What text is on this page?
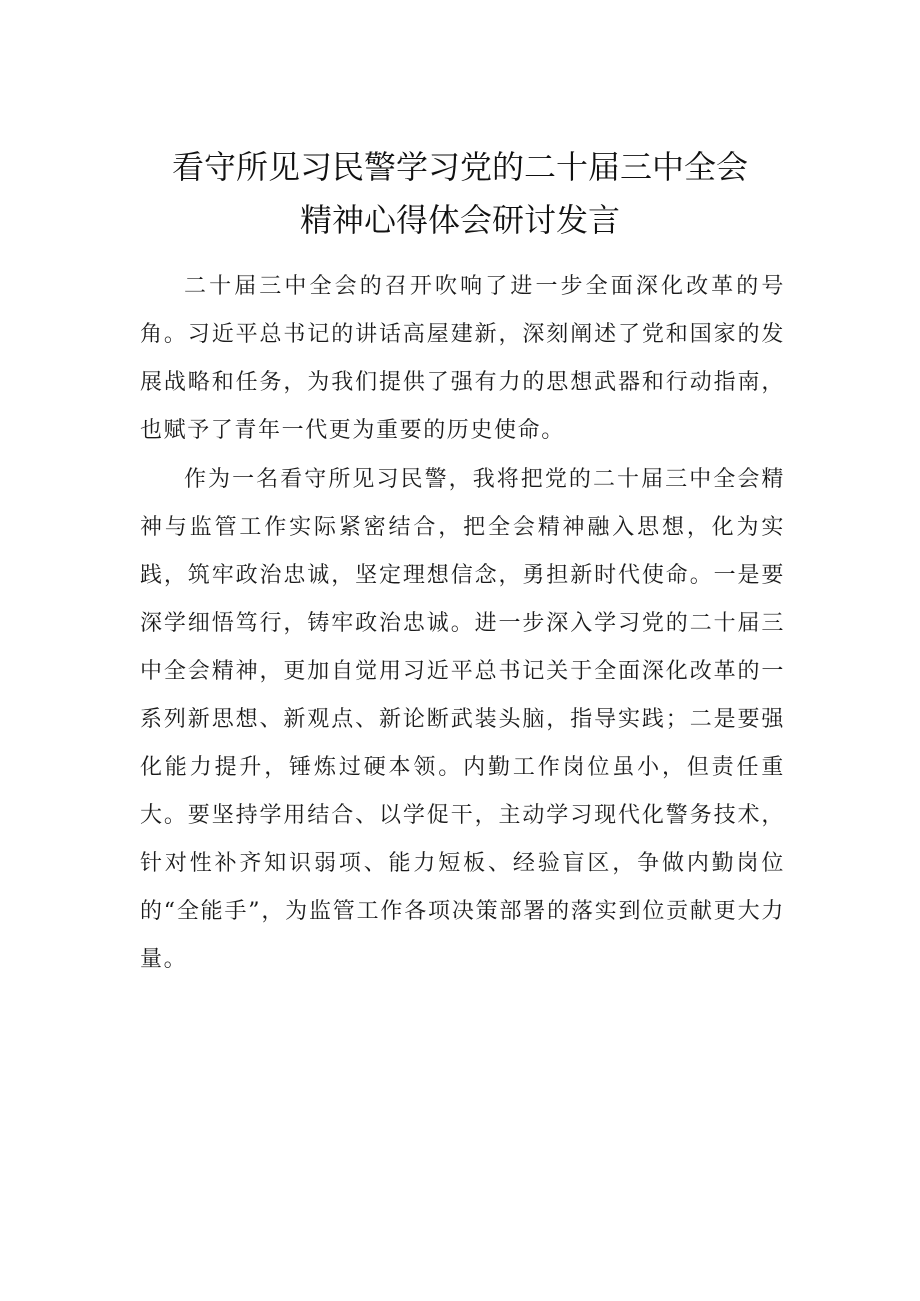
看守所见习民警学习党的二十届三中全会
精神心得体会研讨发言

二十届三中全会的召开吹响了进一步全面深化改革的号角。习近平总书记的讲话高屋建新，深刻阐述了党和国家的发展战略和任务，为我们提供了强有力的思想武器和行动指南，也赋予了青年一代更为重要的历史使命。

作为一名看守所见习民警，我将把党的二十届三中全会精神与监管工作实际紧密结合，把全会精神融入思想，化为实践，筑牢政治忠诚，坚定理想信念，勇担新时代使命。一是要深学细悟笃行，铸牢政治忠诚。进一步深入学习党的二十届三中全会精神，更加自觉用习近平总书记关于全面深化改革的一系列新思想、新观点、新论断武装头脑，指导实践；二是要强化能力提升，锤炼过硬本领。内勤工作岗位虽小，但责任重大。要坚持学用结合、以学促干，主动学习现代化警务技术，针对性补齐知识弱项、能力短板、经验盲区，争做内勤岗位的“全能手”，为监管工作各项决策部署的落实到位贡献更大力量。
